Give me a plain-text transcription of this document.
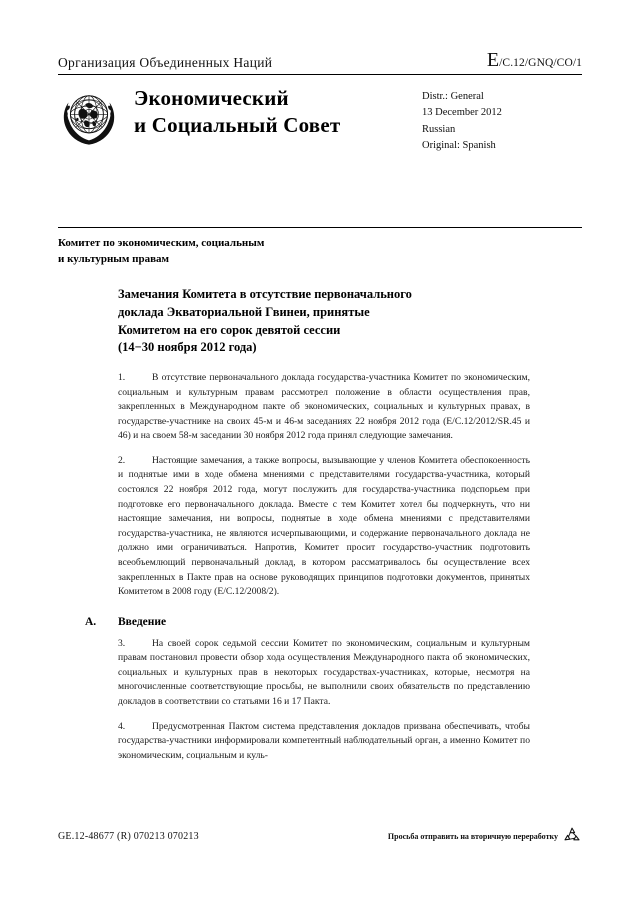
Организация Объединенных Наций	E/C.12/GNQ/CO/1
Экономический
и Социальный Совет
Distr.: General
13 December 2012
Russian
Original: Spanish
Комитет по экономическим, социальным
и культурным правам
Замечания Комитета в отсутствие первоначального
доклада Экваториальной Гвинеи, принятые
Комитетом на его сорок девятой сессии
(14−30 ноября 2012 года)

1.	В отсутствие первоначального доклада государства-участника Комитет по экономическим, социальным и культурным правам рассмотрел положение в области осуществления прав, закрепленных в Международном пакте об экономических, социальных и культурных правах, в государстве-участнике на своих 45-м и 46-м заседаниях 22 ноября 2012 года (E/C.12/2012/SR.45 и 46) и на своем 58-м заседании 30 ноября 2012 года принял следующие замечания.

2.	Настоящие замечания, а также вопросы, вызывающие у членов Комитета обеспокоенность и поднятые ими в ходе обмена мнениями с представителями государства-участника, который состоялся 22 ноября 2012 года, могут послужить для государства-участника подспорьем при подготовке его первоначального доклада. Вместе с тем Комитет хотел бы подчеркнуть, что ни настоящие замечания, ни вопросы, поднятые в ходе обмена мнениями с представителями государства-участника, не являются исчерпывающими, и содержание первоначального доклада не должно ими ограничиваться. Напротив, Комитет просит государство-участник подготовить всеобъемлющий первоначальный доклад, в котором рассматривалось бы осуществление всех закрепленных в Пакте прав на основе руководящих принципов подготовки документов, принятых Комитетом в 2008 году (E/C.12/2008/2).

A. Введение

3.	На своей сорок седьмой сессии Комитет по экономическим, социальным и культурным правам постановил провести обзор хода осуществления Международного пакта об экономических, социальных и культурных прав в некоторых государствах-участниках, которые, несмотря на многочисленные соответствующие просьбы, не выполнили своих обязательств по представлению докладов в соответствии со статьями 16 и 17 Пакта.

4.	Предусмотренная Пактом система представления докладов призвана обеспечивать, чтобы государства-участники информировали компетентный наблюдательный орган, а именно Комитет по экономическим, социальным и куль-

GE.12-48677 (R) 070213 070213	Просьба отправить на вторичную переработку
